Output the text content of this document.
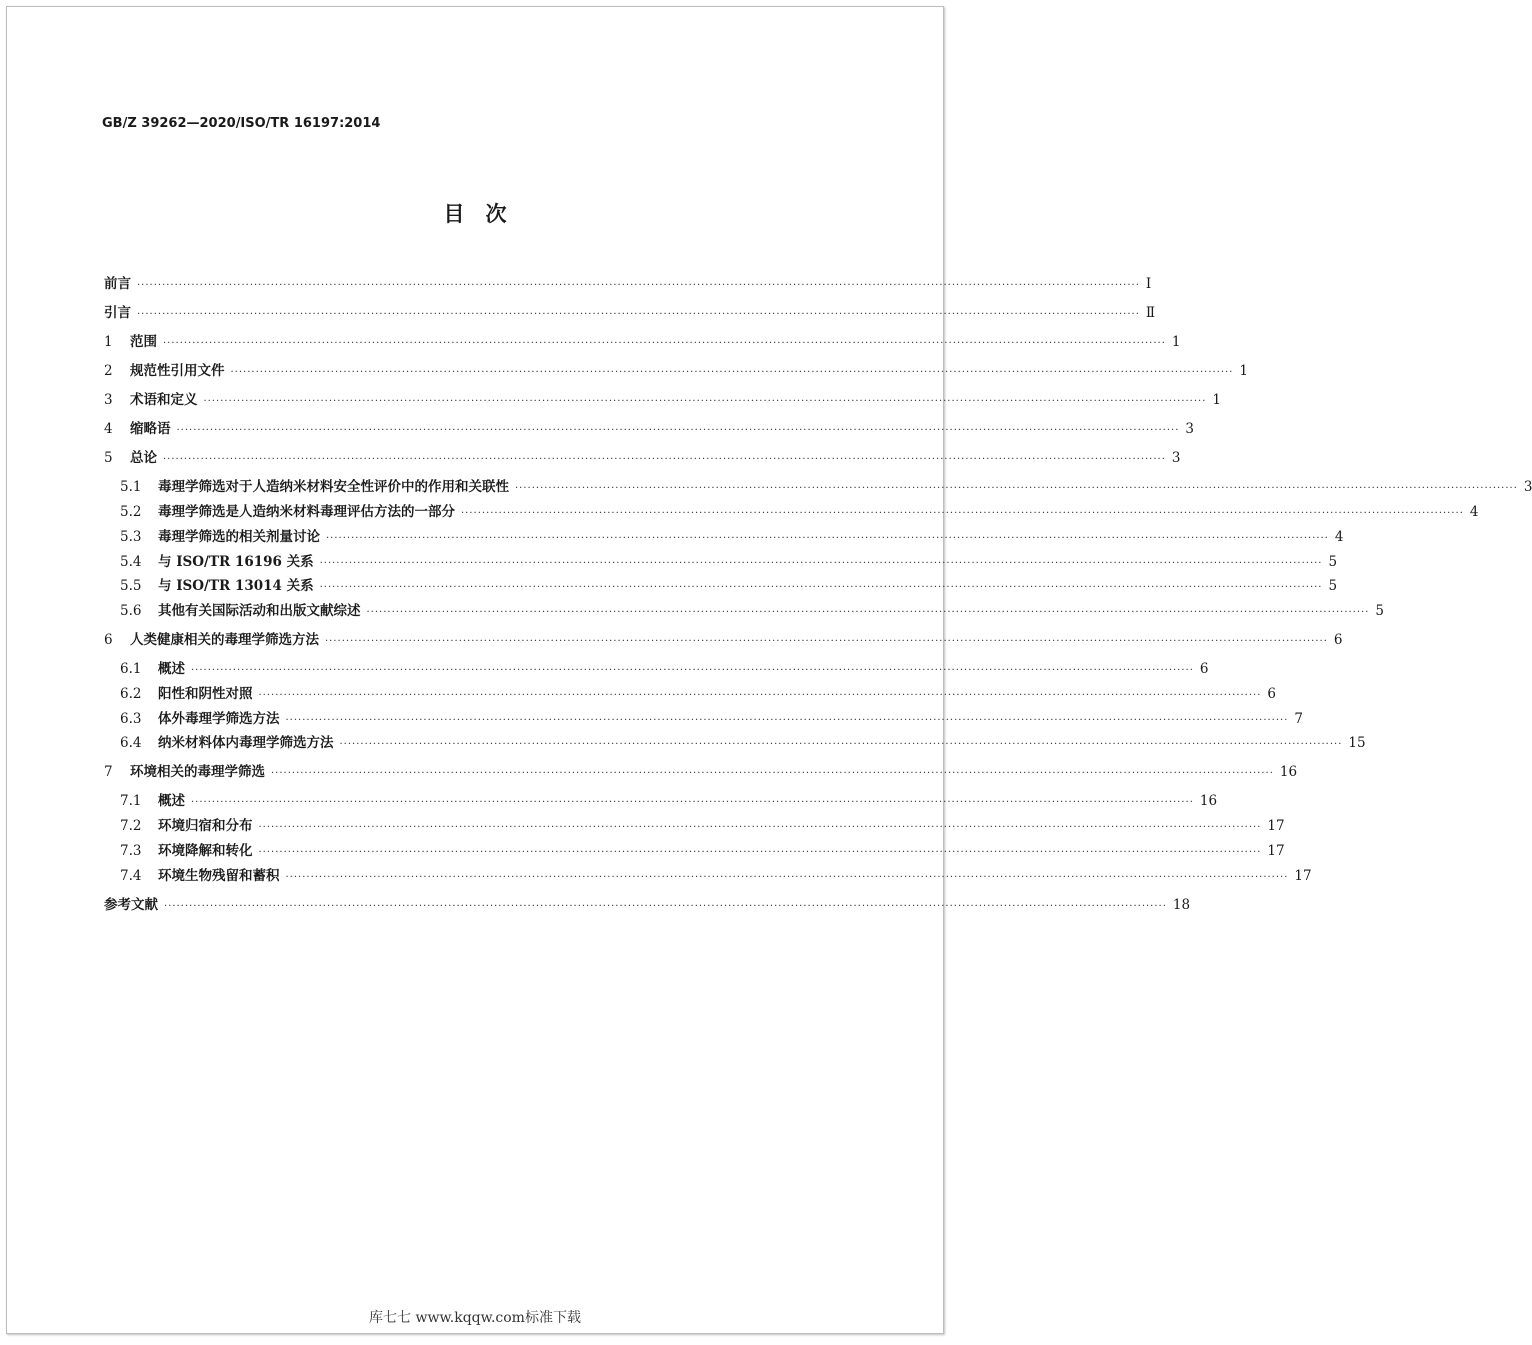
GB/Z 39262—2020/ISO/TR 16197:2014
目　次
前言 ················································································································································································································································ Ⅰ
引言 ················································································································································································································································ Ⅱ
1	范围 ················································································································································································································································ 1
2	规范性引用文件 ················································································································································································································································ 1
3	术语和定义 ················································································································································································································································ 1
4	缩略语 ················································································································································································································································ 3
5	总论 ················································································································································································································································ 3
5.1	毒理学筛选对于人造纳米材料安全性评价中的作用和关联性 ················································································································································································································································ 3
5.2	毒理学筛选是人造纳米材料毒理评估方法的一部分 ················································································································································································································································ 4
5.3	毒理学筛选的相关剂量讨论 ················································································································································································································································ 4
5.4	与 ISO/TR 16196 关系 ················································································································································································································································ 5
5.5	与 ISO/TR 13014 关系 ················································································································································································································································ 5
5.6	其他有关国际活动和出版文献综述 ················································································································································································································································ 5
6	人类健康相关的毒理学筛选方法 ················································································································································································································································ 6
6.1	概述 ················································································································································································································································ 6
6.2	阳性和阴性对照 ················································································································································································································································ 6
6.3	体外毒理学筛选方法 ················································································································································································································································ 7
6.4	纳米材料体内毒理学筛选方法 ················································································································································································································································ 15
7	环境相关的毒理学筛选 ················································································································································································································································ 16
7.1	概述 ················································································································································································································································ 16
7.2	环境归宿和分布 ················································································································································································································································ 17
7.3	环境降解和转化 ················································································································································································································································ 17
7.4	环境生物残留和蓄积 ················································································································································································································································ 17
参考文献 ················································································································································································································································ 18
库七七 www.kqqw.com标准下载
